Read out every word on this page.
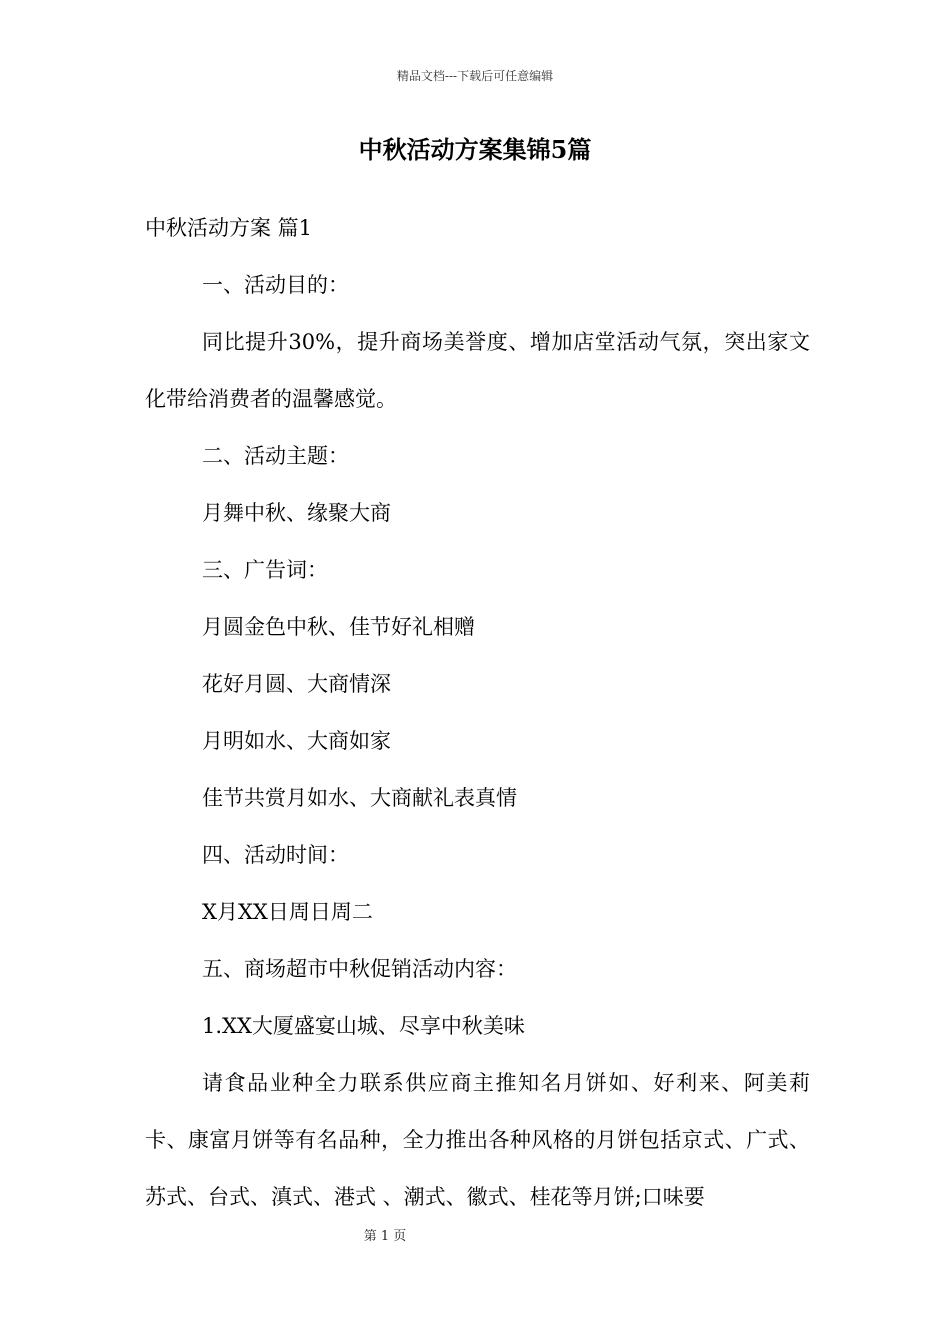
精品文档---下载后可任意编辑
中秋活动方案集锦5篇

中秋活动方案 篇1

一、活动目的：

同比提升30%，提升商场美誉度、增加店堂活动气氛，突出家文化带给消费者的温馨感觉。

二、活动主题：

月舞中秋、缘聚大商

三、广告词：

月圆金色中秋、佳节好礼相赠

花好月圆、大商情深

月明如水、大商如家

佳节共赏月如水、大商献礼表真情

四、活动时间：

X月XX日周日周二

五、商场超市中秋促销活动内容：

1.XX大厦盛宴山城、尽享中秋美味

请食品业种全力联系供应商主推知名月饼如、好利来、阿美莉卡、康富月饼等有名品种，全力推出各种风格的月饼包括京式、广式、苏式、台式、滇式、港式 、潮式、徽式、桂花等月饼;口味要

第 1 页
